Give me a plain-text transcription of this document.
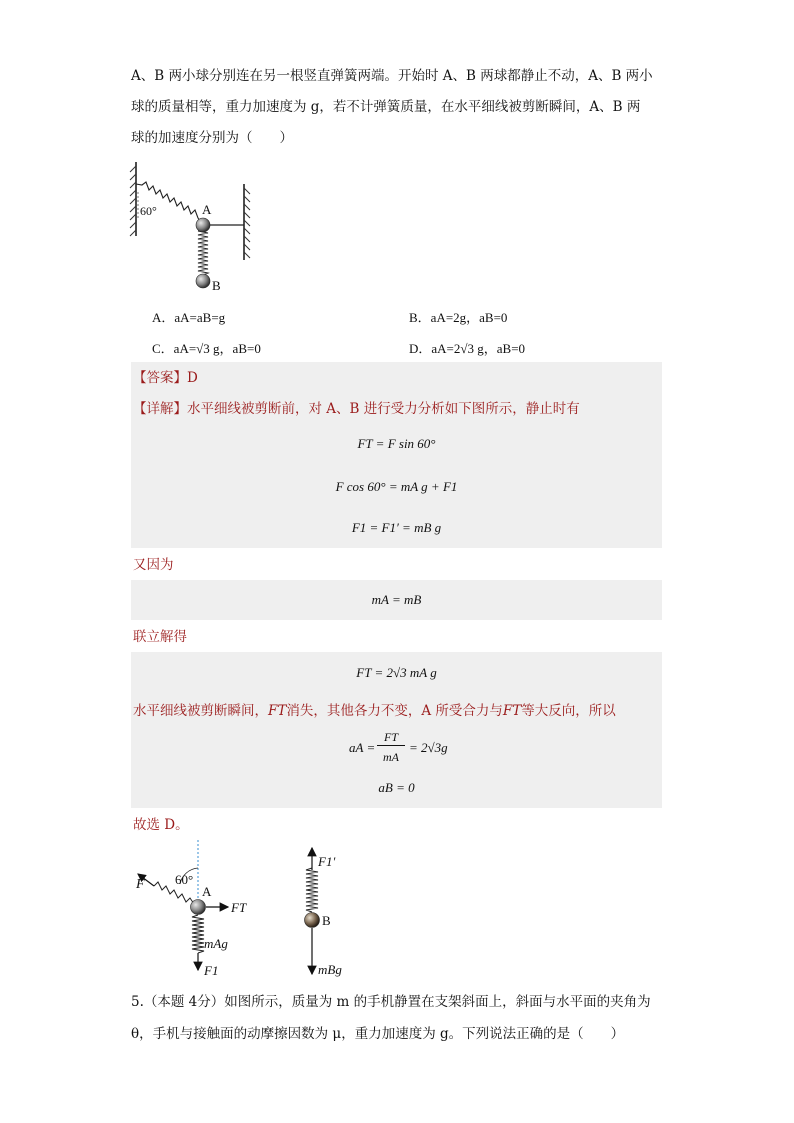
A、B 两小球分别连在另一根竖直弹簧两端。开始时 A、B 两球都静止不动，A、B 两小
球的质量相等，重力加速度为 g，若不计弹簧质量，在水平细线被剪断瞬间，A、B 两
球的加速度分别为（　　）
60°	A
B
A．aA=aB=g	B．aA=2g，aB=0
C．aA=√3 g，aB=0	D．aA=2√3 g，aB=0
【答案】D
【详解】水平细线被剪断前，对 A、B 进行受力分析如下图所示，静止时有
FT = F sin 60°
F cos 60° = mA g + F1
F1 = F1′ = mB g
又因为
mA = mB
联立解得
FT = 2√3 mA g
水平细线被剪断瞬间，FT消失，其他各力不变，A 所受合力与FT等大反向，所以
aA =
FT
mA
= 2√3g
aB = 0
故选 D。
F 60°
A
FT
mAg
F1
F1′
B
mBg
5.（本题 4分）如图所示，质量为 m 的手机静置在支架斜面上，斜面与水平面的夹角为
θ，手机与接触面的动摩擦因数为 μ，重力加速度为 g。下列说法正确的是（　　）
